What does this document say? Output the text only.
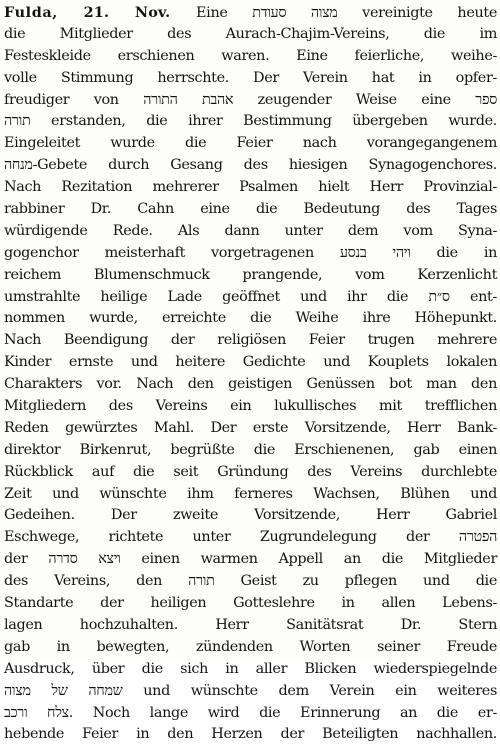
Fulda, 21. Nov. Eine מצוה סעודת vereinigte heute
die Mitglieder des Aurach-Chajim-Vereins, die im
Festeskleide erschienen waren. Eine feierliche, weihe-
volle Stimmung herrschte. Der Verein hat in opfer-
freudiger von אהבת התורה zeugender Weise eine ספר
תורה erstanden, die ihrer Bestimmung übergeben wurde.
Eingeleitet wurde die Feier nach vorangegangenem
מנחה-Gebete durch Gesang des hiesigen Synagogenchores.
Nach Rezitation mehrerer Psalmen hielt Herr Provinzial-
rabbiner Dr. Cahn eine die Bedeutung des Tages
würdigende Rede. Als dann unter dem vom Syna-
gogenchor meisterhaft vorgetragenen ויהי בנסע die in
reichem Blumenschmuck prangende, vom Kerzenlicht
umstrahlte heilige Lade geöffnet und ihr die ס״ת ent-
nommen wurde, erreichte die Weihe ihre Höhepunkt.
Nach Beendigung der religiösen Feier trugen mehrere
Kinder ernste und heitere Gedichte und Kouplets lokalen
Charakters vor. Nach den geistigen Genüssen bot man den
Mitgliedern des Vereins ein lukullisches mit trefflichen
Reden gewürztes Mahl. Der erste Vorsitzende, Herr Bank-
direktor Birkenrut, begrüßte die Erschienenen, gab einen
Rückblick auf die seit Gründung des Vereins durchlebte
Zeit und wünschte ihm ferneres Wachsen, Blühen und
Gedeihen. Der zweite Vorsitzende, Herr Gabriel
Eschwege, richtete unter Zugrundelegung der הפטרה
der ויצא סדרה einen warmen Appell an die Mitglieder
des Vereins, den תורה Geist zu pflegen und die
Standarte der heiligen Gotteslehre in allen Lebens-
lagen hochzuhalten. Herr Sanitätsrat Dr. Stern
gab in bewegten, zündenden Worten seiner Freude
Ausdruck, über die sich in aller Blicken wiederspiegelnde
שמחה של מצוה und wünschte dem Verein ein weiteres
צלח ורכב. Noch lange wird die Erinnerung an die er-
hebende Feier in den Herzen der Beteiligten nachhallen.
